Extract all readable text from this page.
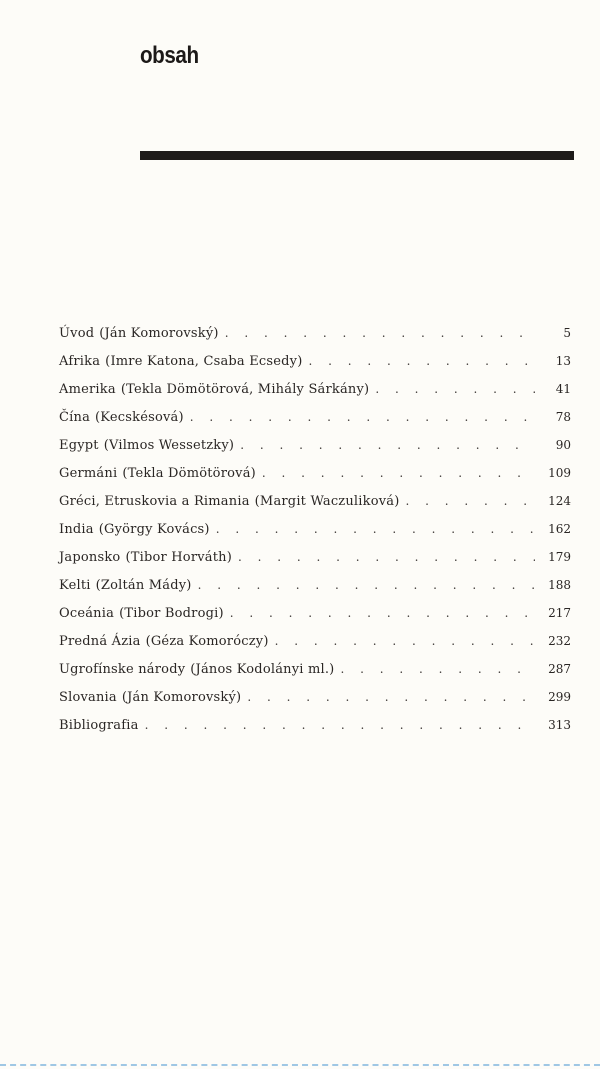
obsah
Úvod (Ján Komorovský) . . .	5
Afrika (Imre Katona, Csaba Ecsedy) . . .	13
Amerika (Tekla Dömötörová, Mihály Sárkány) . . .	41
Čína (Kecskésová) . . .	78
Egypt (Vilmos Wessetzky) . . .	90
Germáni (Tekla Dömötörová) . . .	109
Gréci, Etruskovia a Rimania (Margit Waczuliková) . . .	124
India (György Kovács) . . .	162
Japonsko (Tibor Horváth) . . .	179
Kelti (Zoltán Mády) . . .	188
Oceánia (Tibor Bodrogi) . . .	217
Predná Ázia (Géza Komoróczy) . . .	232
Ugrofínske národy (János Kodolányi ml.) . . .	287
Slovania (Ján Komorovský) . . .	299
Bibliografia . . .	313
